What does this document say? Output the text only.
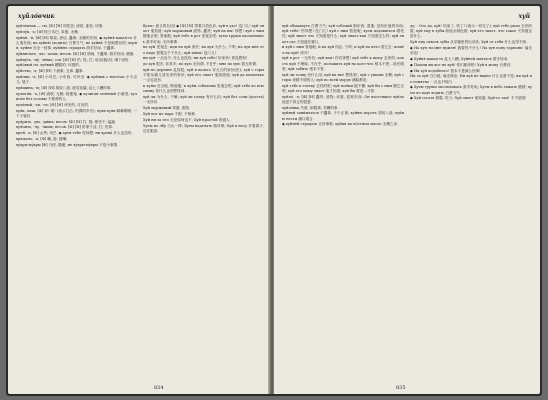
хуйло́вчик

хуйло́вчик — см. [Ф] [Н] 同性恋; 诸侯, 匪徒; 坏蛋.

хуйлу́к, -а; [Ф] [贬] 鸡巴, 笨蛋, 无赖.

хуйня́, -и; [Ф] [Н] 胡说, 废话, 蠢事; 无聊的东西. ◆ хуйня́ какая-то 什么鬼东西; на хуйню́ (ходить) 白费力气; не хуйня́ 不是闹着玩的; херня, хуйня 完全一回事; хуйнёю страдать 游手好闲, 干蠢事.

ху́йничать, -аю, -аешь; несов. [Ф] [Н] 胡闹, 干蠢事, 游手好闲, 瞎搞.

хуйну́ть, -ну́, -нёшь; сов. [Ф] [Н] 扔, 投; 打; 说出(粗话); 喝下(酒).

хуйо́вый см. хуёвый 糟糕的, 坏透的.

ху́йство, -а; [Ф] [Н] 下流事; 丑事, 蠢事.

хуйчик, -а; [Ф] 小鸡巴; 小东西, 可怜虫. ◆ хуйчик с ноготок 小不点儿, 矮子.

хуйщина, -ы; [Ф] [Н] 胡说八道, 废话连篇; 乱七八糟的事.

хулига́н, -а; [Ф] 流氓, 无赖; 捣蛋鬼. ◆ хулига́н зелёный 小流氓; хулига́н без головы 不要命的人.

хуль́ный, -ая, -ое; [Ф] [Н] 该死的, 讨厌的.

хуя́к, меж. [Ф] 砰! 啪! (表示打击, 扔掷的声音); хуяк-хуяк 噼噼啪啪, 一下子就好.

хуя́рить, -рю, -ришь; несов. [Ф] [Н] 打, 揍; 使劲干; 猛跑.

хуя́чить, -чу, -чишь; несов. [Ф] [Н] 拼命干活; 打; 扔掉.

хрен́, -а; [Ф] 山葵; 鸡巴. ◆ хрен́ тебе 你休想; ни хрена́ 什么也没有.

хрюкало, -а; [Ф] 嘴, 脸; 猪嘴.

ху́хры-му́хры [Ф] 马虎, 随便; не ху́хры-му́хры 不是小事情.

бузы» 意义的名词) ◆ [Ф] [Н] 带着口语色彩, хуй в ухо! 没门儿! хуй знает 鬼知道; хуй моржовый 废物, 蠢货; хуй на ны! 休想! хуй с ним 随他去吧, 管他呢; хуй тебе в рот 见鬼去吧; хуем груши околачивать 游手好闲, 无所事事.

на хуй 见鬼去; иди на хуй 滚开; на хуя 为什么, 干吗; на хуя мне это надо 我要这个干什么; хуй на́ны! 没门儿!

ни хуя́ 一点也不; 什么也没有; ни хуя́ себе! 好家伙! 真没想到!

до хуя́ 很多, 非常多; по́ хую 无所谓, 不在乎; мне по хую 我无所谓.

хуй по деревне 乱转悠; хуй в пальто 穿大衣的家伙(贬); хуй с горы 不知从哪儿冒出来的家伙; хуй его знает 鬼知道他; хуй да маленько 一点也没有.

к хуя́м 完全地, 彻底地; к хуя́м собачьим 见鬼去吧; хуй тебе во всю спину 你什么也别想得到.

хуй ли 为什么, 干嘛; хуй ли толку 有什么用; хуй без соли (доесть) 一无所有.

Хуй моржо́вый 笨蛋, 废物.

Хуй нос не пара 不配, 不相称.

Хуй ни за что 无论如何也不; Хуй простой 普通人.

Хуем по лбу 当头一棒; Хуем наделать 做坏事; Хуй к носу 对着鼻子, 近在眼前.

834
хуй

хуй обмакнуть 白费力气; хуй собачий 狗东西, 混蛋; 没有价值的东西; хуй тебе! 你休想! 没门儿! хуй с ним 管他呢; хуем подавиться 噎死你; хуй знает что 天知道是什么; хуй знает как 天知道怎么样; хуй знает где 天知道在哪儿.

и хуй с ним 管他呢; и́ на хуй 何必, 干吗; и хуй на него 管它去; пошёл на хуй! 滚开!

хуй в рот 一无所有; хуй вам! 你们休想! хуй тебе в жопу 去你的; класть хуй 不理睬, 不在乎; положить хуй на кого-что 根本不把…放在眼里; хуй забить 根本不管.

хуй ли толку 有什么用; хуй на ны! 想得美!; хуй с ушами 无赖; хуй с горы 来路不明的人; хуй по всей морде 满脸都是.

хуй тебе в глотку 去你的吧; хуй пойми 搞不懂; хуй бы с ним 随它去吧; хуй его маму знает 鬼才知道; хуй бы 要是…才怪.

хуйло́, -а; [Ф] [Н] 蠢货, 废物; 坏蛋, 混账东西. Он настоящее хуйло 他是个真正的混蛋.

хуйло́вка 失败, 倒霉事; 弄糟的事.

хуйней зани́маться 干蠢事, 不干正事; хуйню пороть 胡说八道; хуйню нести 满口胡言.

◆ хуйнёй страдать 无所事事; хуйня на по́стном масле 无稽之谈.

ду; - Ото да, хуй! 结束了, 吹了! (表示一切完了); хуй тебе рыло 去你的脸; хуй ему в зубы 给他点颜色看; хуй его знает, что такое 天知道这是什么.

Хуй ему сквозь зубы 从牙缝里挤出话来; Хуй от тебя 什么也得不到.

◆ На хуя ты мне нужен! 我要你干什么! На хуя попу гармонь! 毫无用处!

◆ Хуйня какая-то 乱七八糟; Хуйней маяться 游手好闲.

◆ Пошли вы все на хуй! 你们都滚吧! Хуй в жопу 白费劲.

◆ Ни хуя́ подобного! 根本不是那么回事!

Ни за хуй 白白地, 毫无理由; Ни хуя́ не видно 什么也看不见; ни хуя́ не понятно 一点也不明白.

◆ Хуем груши околачивать 游手好闲; Хуем в небо тыкать 瞎猜; хуем по воде водить 白费力气.

◆ Хуй сосать 倒霉, 吃亏; Хуй знает 鬼知道; Хуй-то там! 才不是呢!

835
